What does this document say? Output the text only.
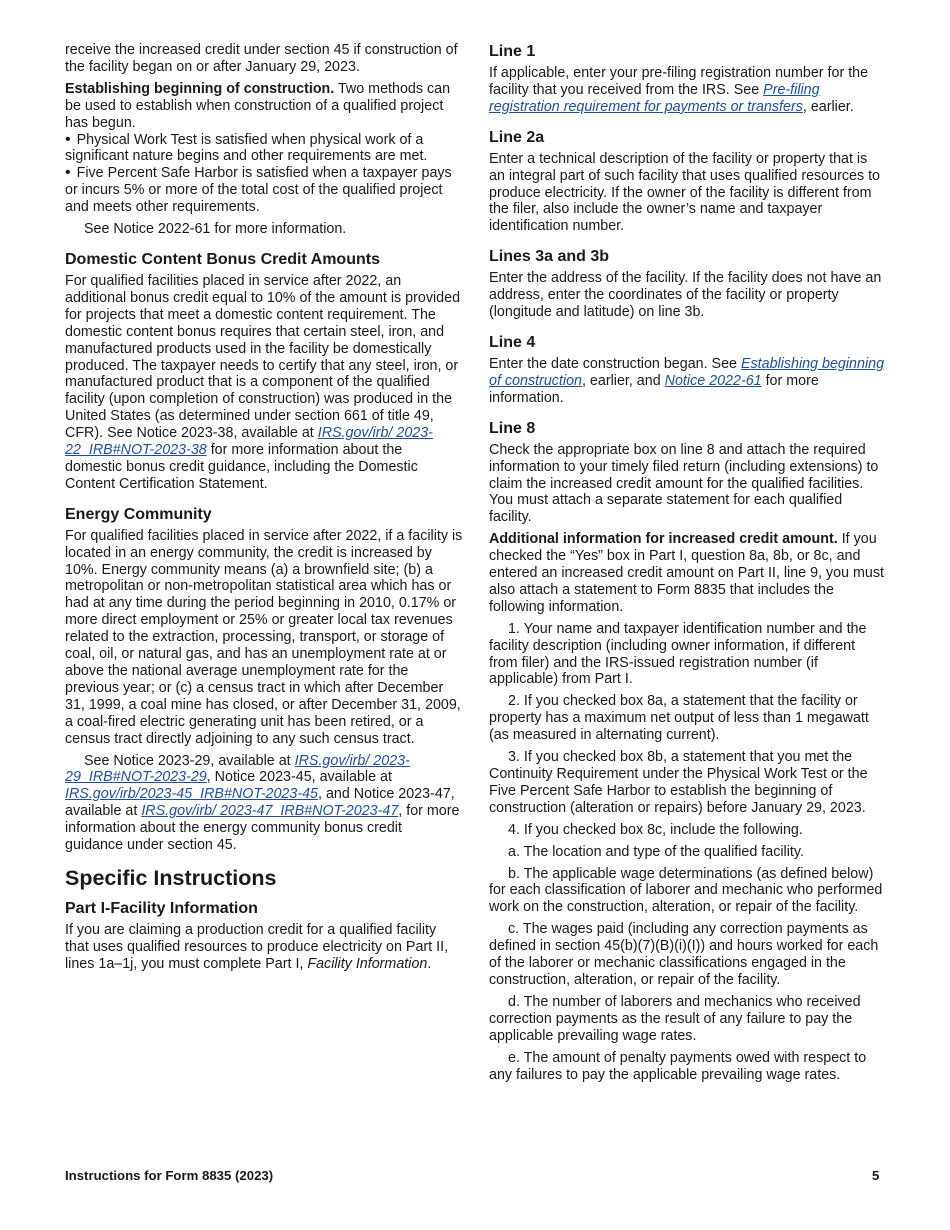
receive the increased credit under section 45 if construction of the facility began on or after January 29, 2023.

Establishing beginning of construction. Two methods can be used to establish when construction of a qualified project has begun.

• Physical Work Test is satisfied when physical work of a significant nature begins and other requirements are met.

• Five Percent Safe Harbor is satisfied when a taxpayer pays or incurs 5% or more of the total cost of the qualified project and meets other requirements.

See Notice 2022-61 for more information.

Domestic Content Bonus Credit Amounts

For qualified facilities placed in service after 2022, an additional bonus credit equal to 10% of the amount is provided for projects that meet a domestic content requirement. The domestic content bonus requires that certain steel, iron, and manufactured products used in the facility be domestically produced. The taxpayer needs to certify that any steel, iron, or manufactured product that is a component of the qualified facility (upon completion of construction) was produced in the United States (as determined under section 661 of title 49, CFR). See Notice 2023-38, available at IRS.gov/irb/ 2023-22_IRB#NOT-2023-38 for more information about the domestic bonus credit guidance, including the Domestic Content Certification Statement.

Energy Community

For qualified facilities placed in service after 2022, if a facility is located in an energy community, the credit is increased by 10%. Energy community means (a) a brownfield site; (b) a metropolitan or non-metropolitan statistical area which has or had at any time during the period beginning in 2010, 0.17% or more direct employment or 25% or greater local tax revenues related to the extraction, processing, transport, or storage of coal, oil, or natural gas, and has an unemployment rate at or above the national average unemployment rate for the previous year; or (c) a census tract in which after December 31, 1999, a coal mine has closed, or after December 31, 2009, a coal-fired electric generating unit has been retired, or a census tract directly adjoining to any such census tract.

See Notice 2023-29, available at IRS.gov/irb/ 2023-29_IRB#NOT-2023-29, Notice 2023-45, available at IRS.gov/irb/2023-45_IRB#NOT-2023-45, and Notice 2023-47, available at IRS.gov/irb/ 2023-47_IRB#NOT-2023-47, for more information about the energy community bonus credit guidance under section 45.

Specific Instructions
Part I-Facility Information

If you are claiming a production credit for a qualified facility that uses qualified resources to produce electricity on Part II, lines 1a–1j, you must complete Part I, Facility Information.

Line 1

If applicable, enter your pre-filing registration number for the facility that you received from the IRS. See Pre-filing registration requirement for payments or transfers, earlier.

Line 2a

Enter a technical description of the facility or property that is an integral part of such facility that uses qualified resources to produce electricity. If the owner of the facility is different from the filer, also include the owner’s name and taxpayer identification number.

Lines 3a and 3b

Enter the address of the facility. If the facility does not have an address, enter the coordinates of the facility or property (longitude and latitude) on line 3b.

Line 4

Enter the date construction began. See Establishing beginning of construction, earlier, and Notice 2022-61 for more information.

Line 8

Check the appropriate box on line 8 and attach the required information to your timely filed return (including extensions) to claim the increased credit amount for the qualified facilities. You must attach a separate statement for each qualified facility.

Additional information for increased credit amount. If you checked the “Yes” box in Part I, question 8a, 8b, or 8c, and entered an increased credit amount on Part II, line 9, you must also attach a statement to Form 8835 that includes the following information.

1. Your name and taxpayer identification number and the facility description (including owner information, if different from filer) and the IRS-issued registration number (if applicable) from Part I.

2. If you checked box 8a, a statement that the facility or property has a maximum net output of less than 1 megawatt (as measured in alternating current).

3. If you checked box 8b, a statement that you met the Continuity Requirement under the Physical Work Test or the Five Percent Safe Harbor to establish the beginning of construction (alteration or repairs) before January 29, 2023.

4. If you checked box 8c, include the following.

a. The location and type of the qualified facility.

b. The applicable wage determinations (as defined below) for each classification of laborer and mechanic who performed work on the construction, alteration, or repair of the facility.

c. The wages paid (including any correction payments as defined in section 45(b)(7)(B)(i)(I)) and hours worked for each of the laborer or mechanic classifications engaged in the construction, alteration, or repair of the facility.

d. The number of laborers and mechanics who received correction payments as the result of any failure to pay the applicable prevailing wage rates.

e. The amount of penalty payments owed with respect to any failures to pay the applicable prevailing wage rates.

Instructions for Form 8835 (2023)	5
